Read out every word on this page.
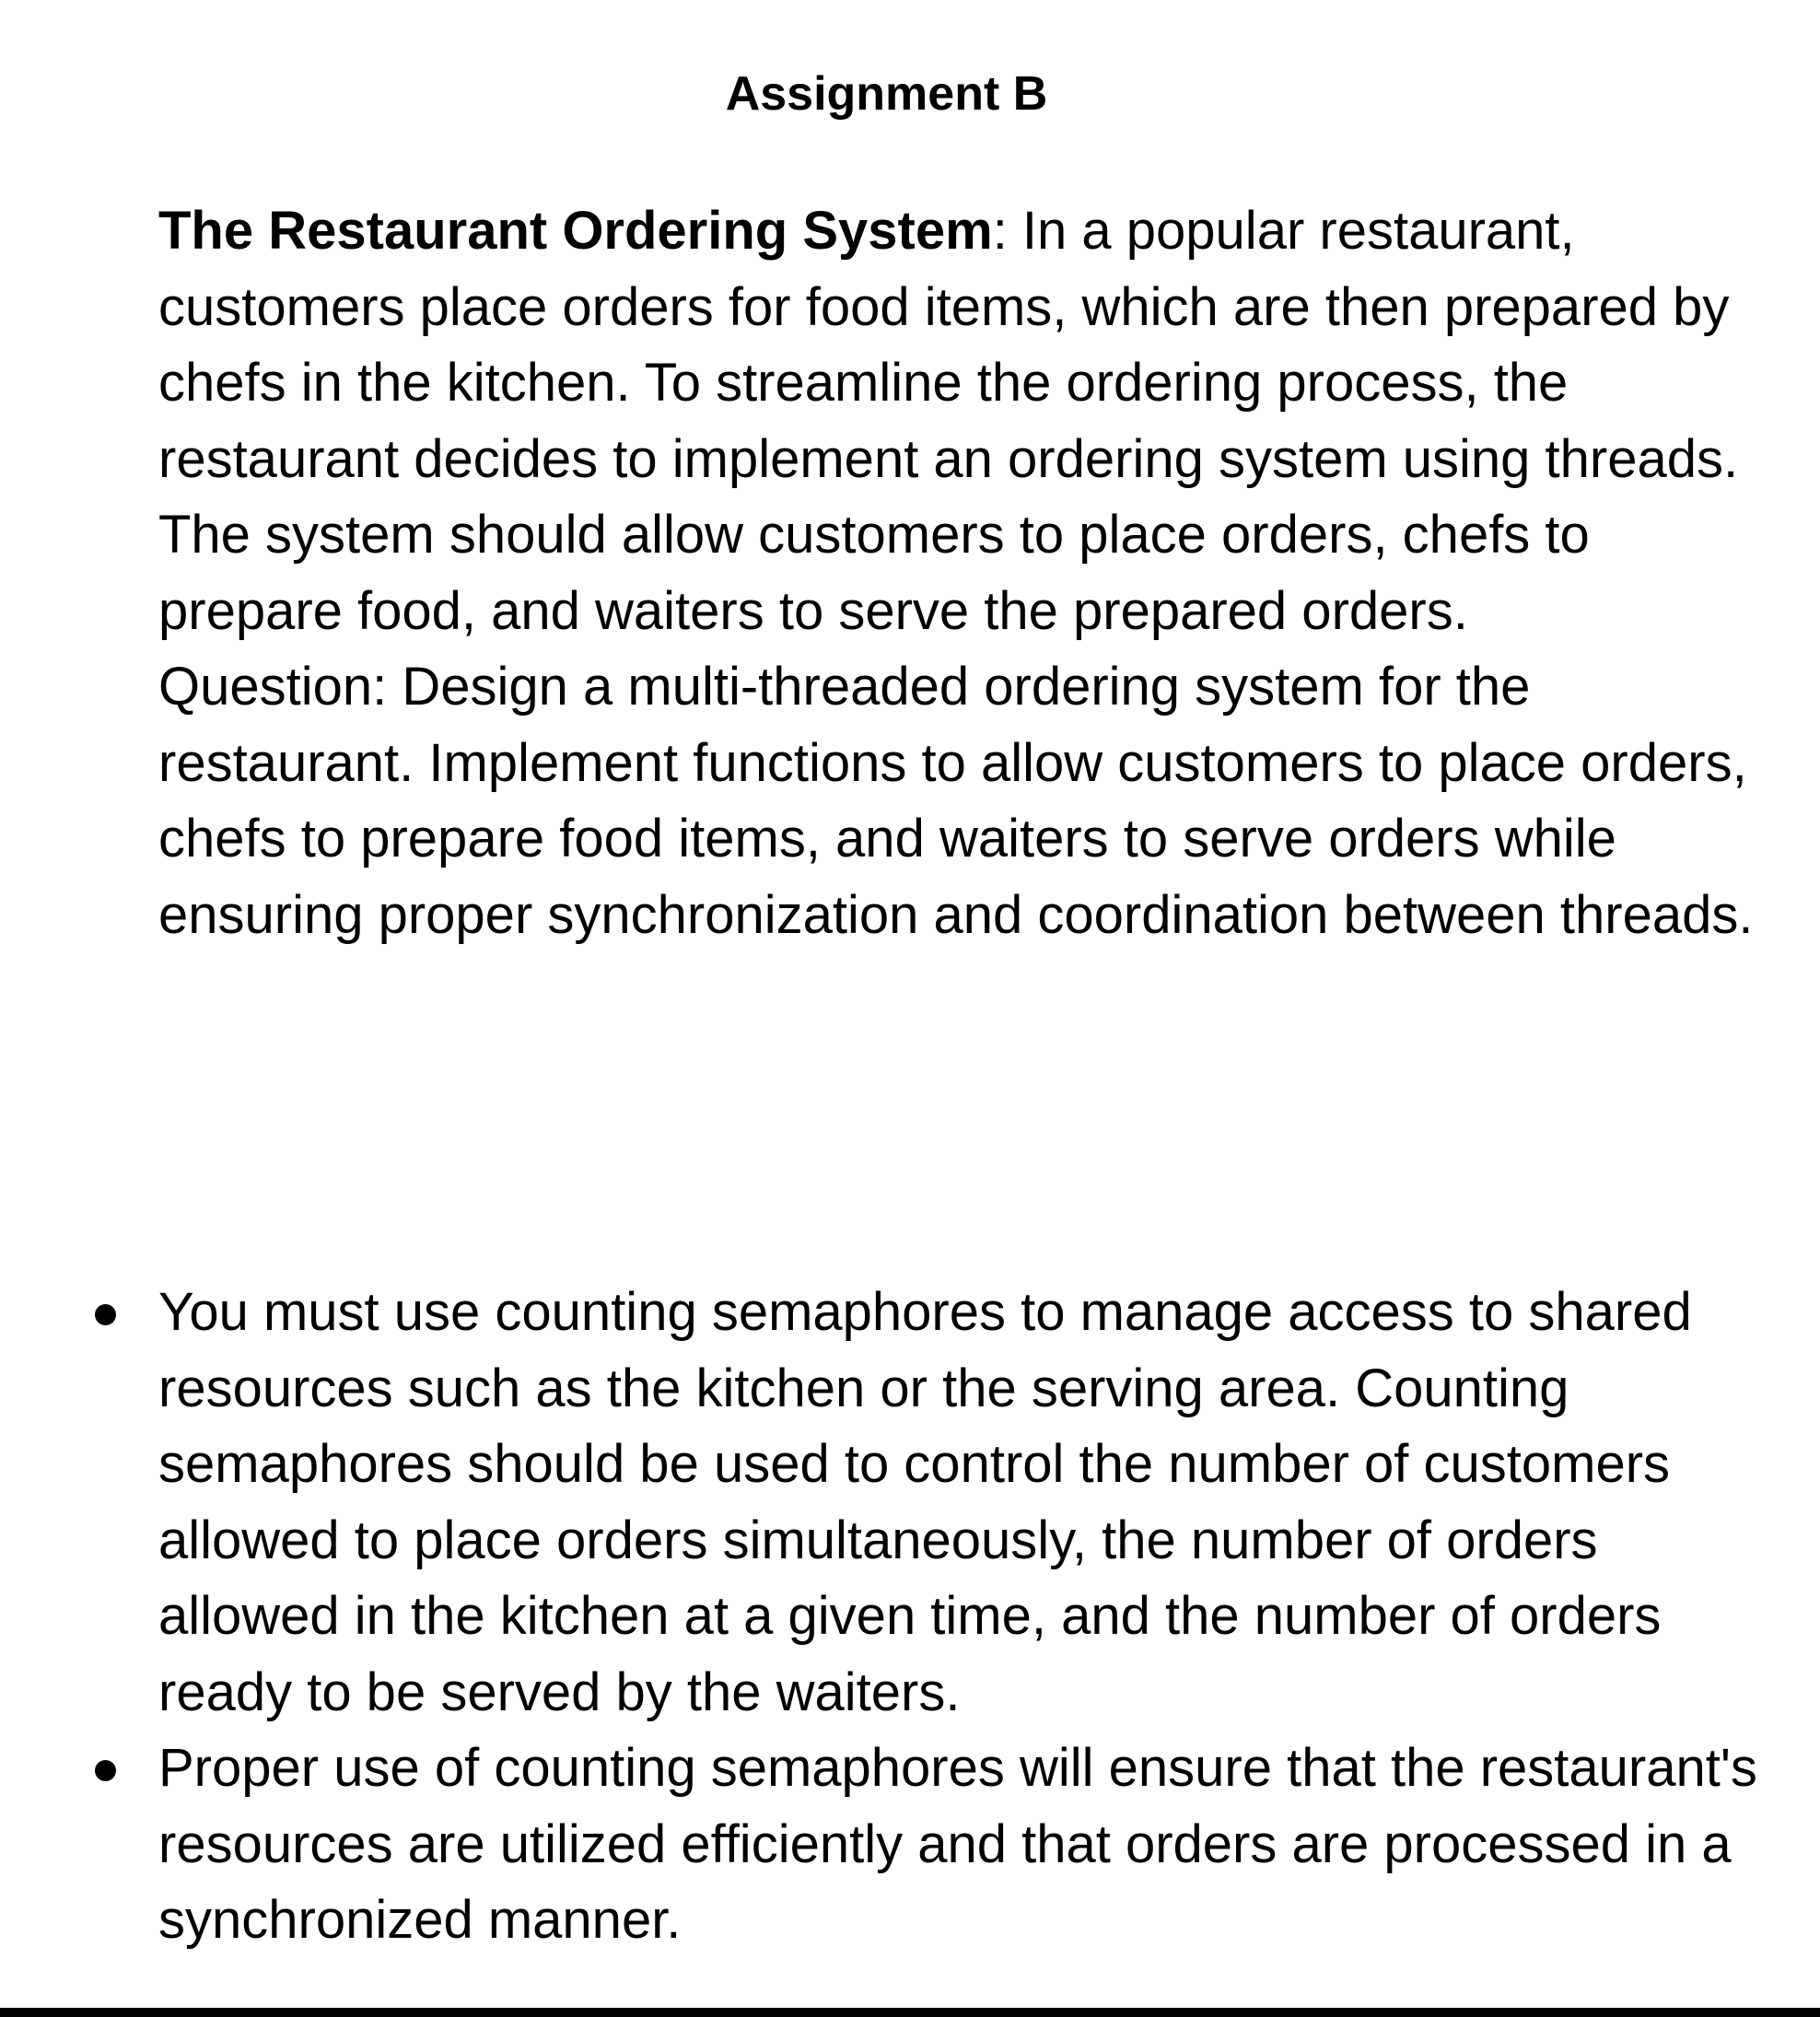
Assignment B

The Restaurant Ordering System: In a popular restaurant, customers place orders for food items, which are then prepared by chefs in the kitchen. To streamline the ordering process, the restaurant decides to implement an ordering system using threads. The system should allow customers to place orders, chefs to prepare food, and waiters to serve the prepared orders.

Question: Design a multi-threaded ordering system for the restaurant. Implement functions to allow customers to place orders, chefs to prepare food items, and waiters to serve orders while ensuring proper synchronization and coordination between threads.

You must use counting semaphores to manage access to shared resources such as the kitchen or the serving area. Counting semaphores should be used to control the number of customers allowed to place orders simultaneously, the number of orders allowed in the kitchen at a given time, and the number of orders ready to be served by the waiters.
Proper use of counting semaphores will ensure that the restaurant's resources are utilized efficiently and that orders are processed in a synchronized manner.
